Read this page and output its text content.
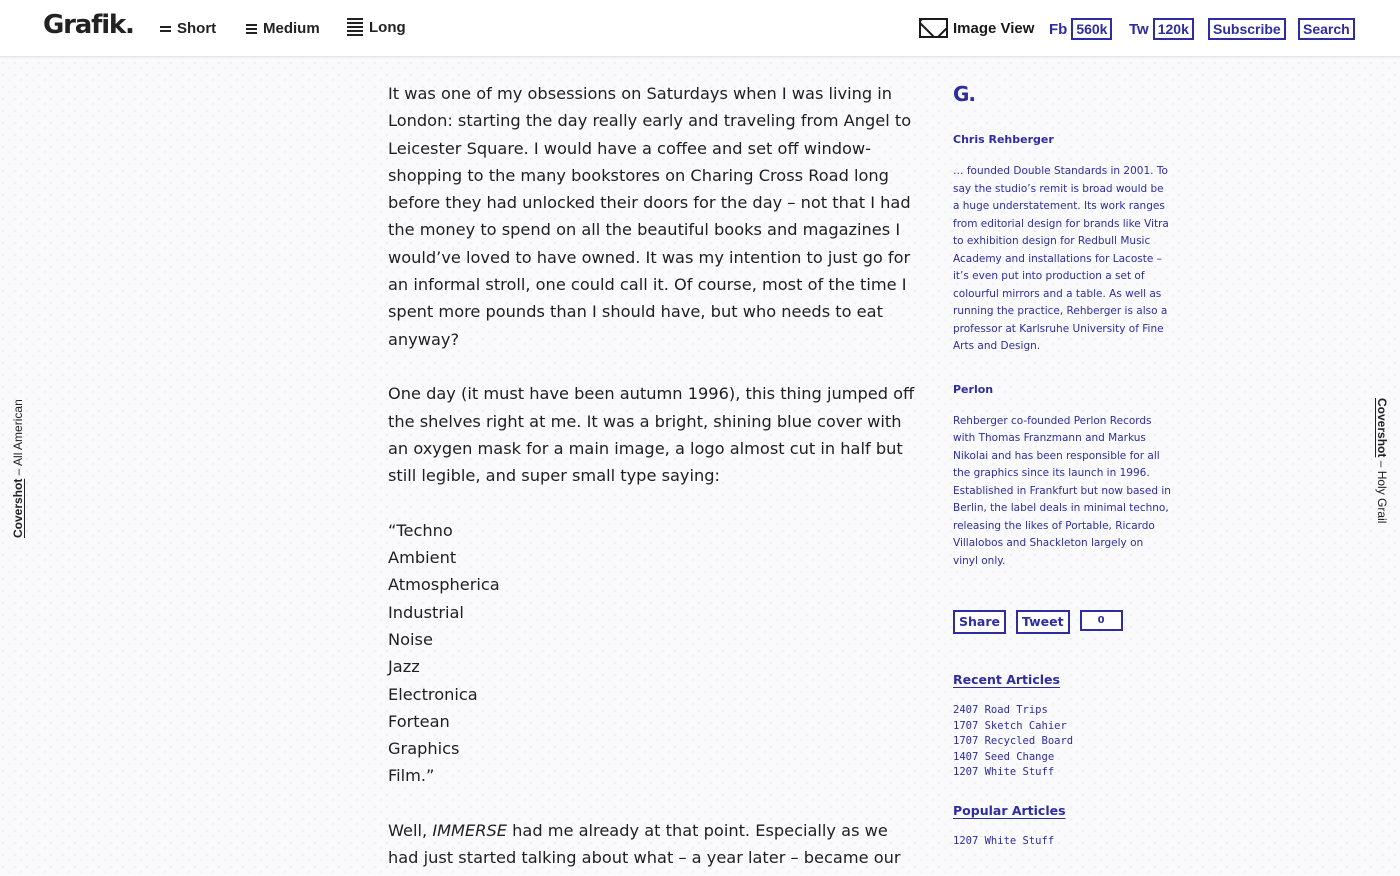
Grafik.	Short	Medium	Long	Image View Fb 560k	Tw 120k	Subscribe	Search
Covershot – All American	Covershot – Holy Grail

It was one of my obsessions on Saturdays when I was living in London: starting the day really early and traveling from Angel to Leicester Square. I would have a coffee and set off window-shopping to the many bookstores on Charing Cross Road long before they had unlocked their doors for the day – not that I had the money to spend on all the beautiful books and magazines I would’ve loved to have owned. It was my intention to just go for an informal stroll, one could call it. Of course, most of the time I spent more pounds than I should have, but who needs to eat anyway?

One day (it must have been autumn 1996), this thing jumped off the shelves right at me. It was a bright, shining blue cover with an oxygen mask for a main image, a logo almost cut in half but still legible, and super small type saying:

“Techno
Ambient
Atmospherica
Industrial
Noise
Jazz
Electronica
Fortean
Graphics
Film.”

Well, IMMERSE had me already at that point. Especially as we had just started talking about what – a year later – became our

G.
Chris Rehberger
… founded Double Standards in 2001. To say the studio’s remit is broad would be a huge understatement. Its work ranges from editorial design for brands like Vitra to exhibition design for Redbull Music Academy and installations for Lacoste – it’s even put into production a set of colourful mirrors and a table. As well as running the practice, Rehberger is also a professor at Karlsruhe University of Fine Arts and Design.
Perlon
Rehberger co-founded Perlon Records with Thomas Franzmann and Markus Nikolai and has been responsible for all the graphics since its launch in 1996. Established in Frankfurt but now based in Berlin, the label deals in minimal techno, releasing the likes of Portable, Ricardo Villalobos and Shackleton largely on vinyl only.
Share	Tweet	0
Recent Articles
2407 Road Trips
1707 Sketch Cahier
1707 Recycled Board
1407 Seed Change
1207 White Stuff
Popular Articles
1207 White Stuff
